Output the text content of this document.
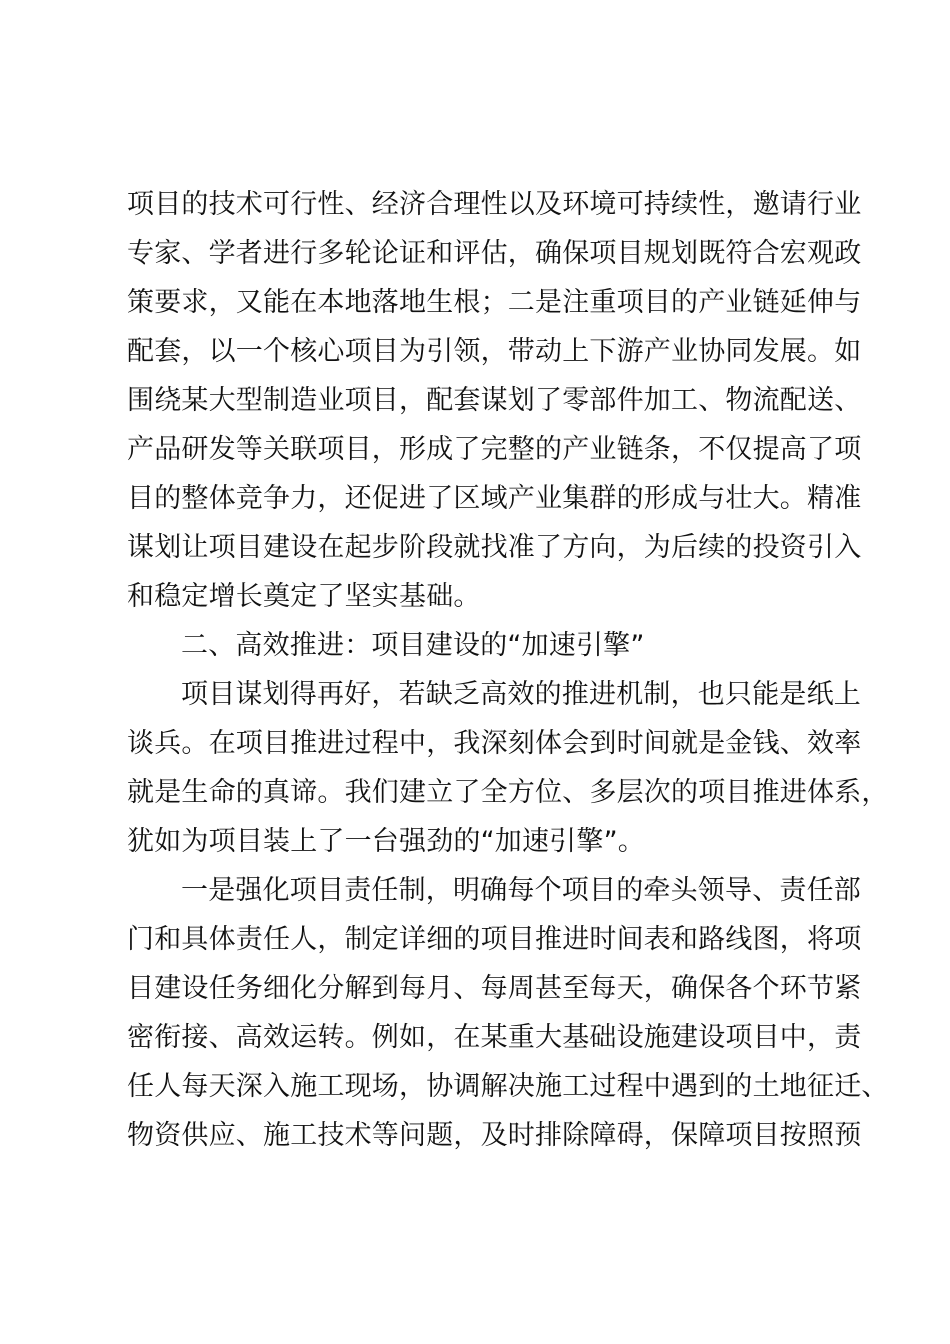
项目的技术可行性、经济合理性以及环境可持续性，邀请行业
专家、学者进行多轮论证和评估，确保项目规划既符合宏观政
策要求，又能在本地落地生根；二是注重项目的产业链延伸与
配套，以一个核心项目为引领，带动上下游产业协同发展。如
围绕某大型制造业项目，配套谋划了零部件加工、物流配送、
产品研发等关联项目，形成了完整的产业链条，不仅提高了项
目的整体竞争力，还促进了区域产业集群的形成与壮大。精准
谋划让项目建设在起步阶段就找准了方向，为后续的投资引入
和稳定增长奠定了坚实基础。
二、高效推进：项目建设的“加速引擎”
项目谋划得再好，若缺乏高效的推进机制，也只能是纸上
谈兵。在项目推进过程中，我深刻体会到时间就是金钱、效率
就是生命的真谛。我们建立了全方位、多层次的项目推进体系，
犹如为项目装上了一台强劲的“加速引擎”。
一是强化项目责任制，明确每个项目的牵头领导、责任部
门和具体责任人，制定详细的项目推进时间表和路线图，将项
目建设任务细化分解到每月、每周甚至每天，确保各个环节紧
密衔接、高效运转。例如，在某重大基础设施建设项目中，责
任人每天深入施工现场，协调解决施工过程中遇到的土地征迁、
物资供应、施工技术等问题，及时排除障碍，保障项目按照预
